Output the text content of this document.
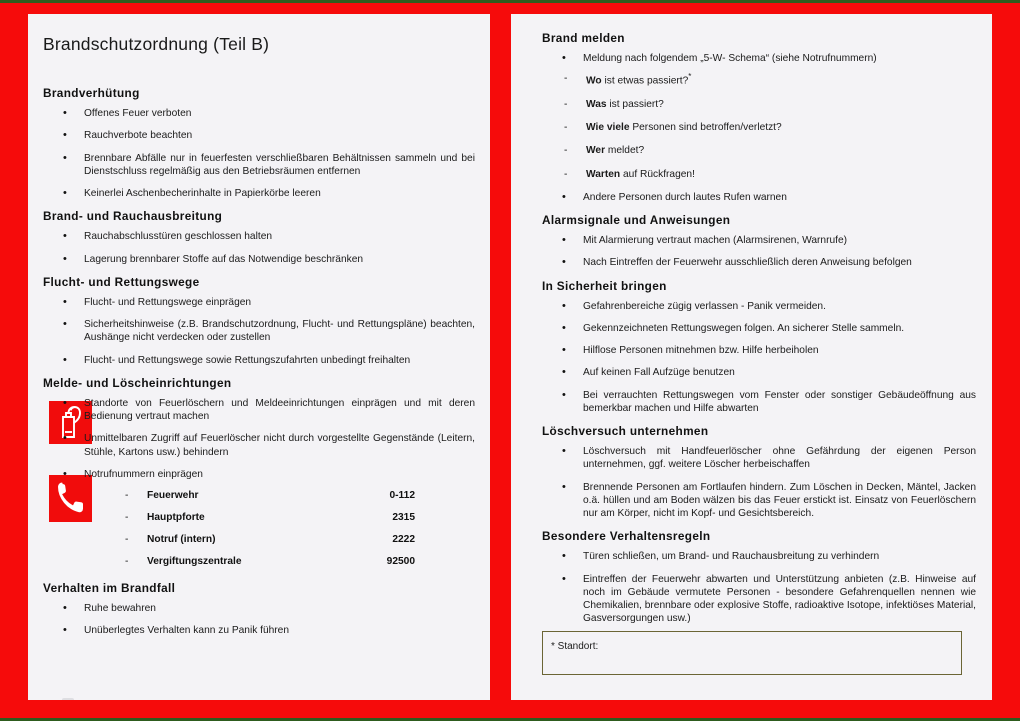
Brandschutzordnung (Teil B)
Brandverhütung
• Offenes Feuer verboten
• Rauchverbote beachten
• Brennbare Abfälle nur in feuerfesten verschließbaren Behältnissen sammeln und bei Dienstschluss regelmäßig aus den Betriebsräumen entfernen
• Keinerlei Aschenbecherinhalte in Papierkörbe leeren
Brand- und Rauchausbreitung
• Rauchabschlusstüren geschlossen halten
• Lagerung brennbarer Stoffe auf das Notwendige beschränken
Flucht- und Rettungswege
• Flucht- und Rettungswege einprägen
• Sicherheitshinweise (z.B. Brandschutzordnung, Flucht- und Rettungspläne) beachten, Aushänge nicht verdecken oder zustellen
• Flucht- und Rettungswege sowie Rettungszufahrten unbedingt freihalten
Melde- und Löscheinrichtungen
• Standorte von Feuerlöschern und Meldeeinrichtungen einprägen und mit deren Bedienung vertraut machen
• Unmittelbaren Zugriff auf Feuerlöscher nicht durch vorgestellte Gegenstände (Leitern, Stühle, Kartons usw.) behindern
• Notrufnummern einprägen
- Feuerwehr	0-112
- Hauptpforte	2315
- Notruf (intern)	2222
- Vergiftungszentrale	92500
Verhalten im Brandfall
• Ruhe bewahren
• Unüberlegtes Verhalten kann zu Panik führen
Brand melden
• Meldung nach folgendem „5-W- Schema“ (siehe Notrufnummern)
- Wo ist etwas passiert?*
- Was ist passiert?
- Wie viele Personen sind betroffen/verletzt?
- Wer meldet?
- Warten auf Rückfragen!
• Andere Personen durch lautes Rufen warnen
Alarmsignale und Anweisungen
• Mit Alarmierung vertraut machen (Alarmsirenen, Warnrufe)
• Nach Eintreffen der Feuerwehr ausschließlich deren Anweisung befolgen
In Sicherheit bringen
• Gefahrenbereiche zügig verlassen - Panik vermeiden.
• Gekennzeichneten Rettungswegen folgen. An sicherer Stelle sammeln.
• Hilflose Personen mitnehmen bzw. Hilfe herbeiholen
• Auf keinen Fall Aufzüge benutzen
• Bei verrauchten Rettungswegen vom Fenster oder sonstiger Gebäudeöffnung aus bemerkbar machen und Hilfe abwarten
Löschversuch unternehmen
• Löschversuch mit Handfeuerlöscher ohne Gefährdung der eigenen Person unternehmen, ggf. weitere Löscher herbeischaffen
• Brennende Personen am Fortlaufen hindern. Zum Löschen in Decken, Mäntel, Jacken o.ä. hüllen und am Boden wälzen bis das Feuer erstickt ist. Einsatz von Feuerlöschern nur am Körper, nicht im Kopf- und Gesichtsbereich.
Besondere Verhaltensregeln
• Türen schließen, um Brand- und Rauchausbreitung zu verhindern
• Eintreffen der Feuerwehr abwarten und Unterstützung anbieten (z.B. Hinweise auf noch im Gebäude vermutete Personen - besondere Gefahrenquellen nennen wie Chemikalien, brennbare oder explosive Stoffe, radioaktive Isotope, infektiöses Material, Gasversorgungen usw.)
•
* Standort:
